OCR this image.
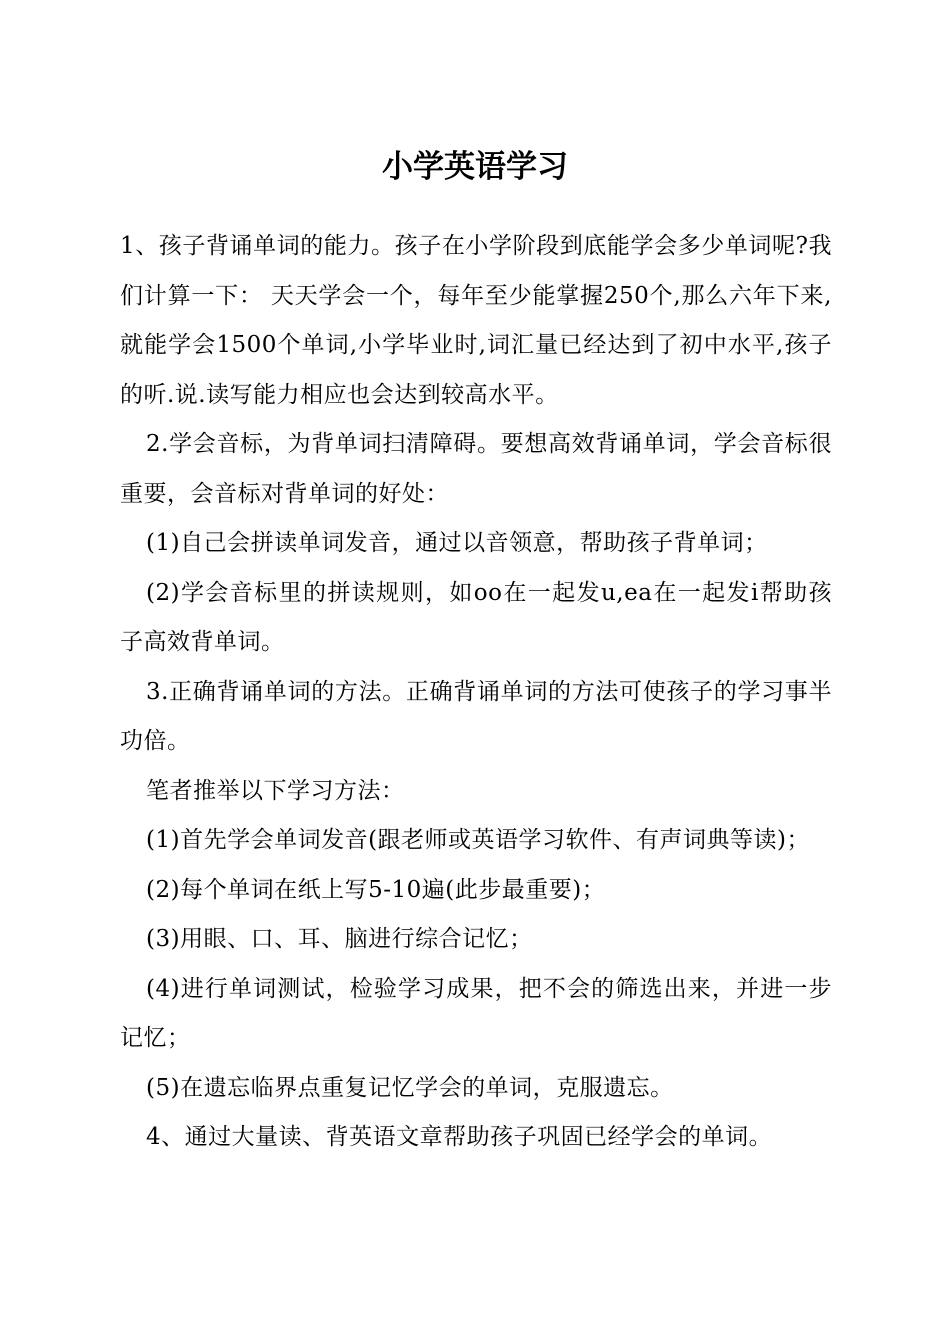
小学英语学习

1、孩子背诵单词的能力。孩子在小学阶段到底能学会多少单词呢?我们计算一下： 天天学会一个，每年至少能掌握250个,那么六年下来,就能学会1500个单词,小学毕业时,词汇量已经达到了初中水平,孩子的听.说.读写能力相应也会达到较高水平。

2.学会音标，为背单词扫清障碍。要想高效背诵单词，学会音标很重要，会音标对背单词的好处：

(1)自己会拼读单词发音，通过以音领意，帮助孩子背单词；

(2)学会音标里的拼读规则，如oo在一起发u,ea在一起发i帮助孩子高效背单词。

3.正确背诵单词的方法。正确背诵单词的方法可使孩子的学习事半功倍。

笔者推举以下学习方法：

(1)首先学会单词发音(跟老师或英语学习软件、有声词典等读)；

(2)每个单词在纸上写5-10遍(此步最重要)；

(3)用眼、口、耳、脑进行综合记忆；

(4)进行单词测试，检验学习成果，把不会的筛选出来，并进一步记忆；

(5)在遗忘临界点重复记忆学会的单词，克服遗忘。

4、通过大量读、背英语文章帮助孩子巩固已经学会的单词。
